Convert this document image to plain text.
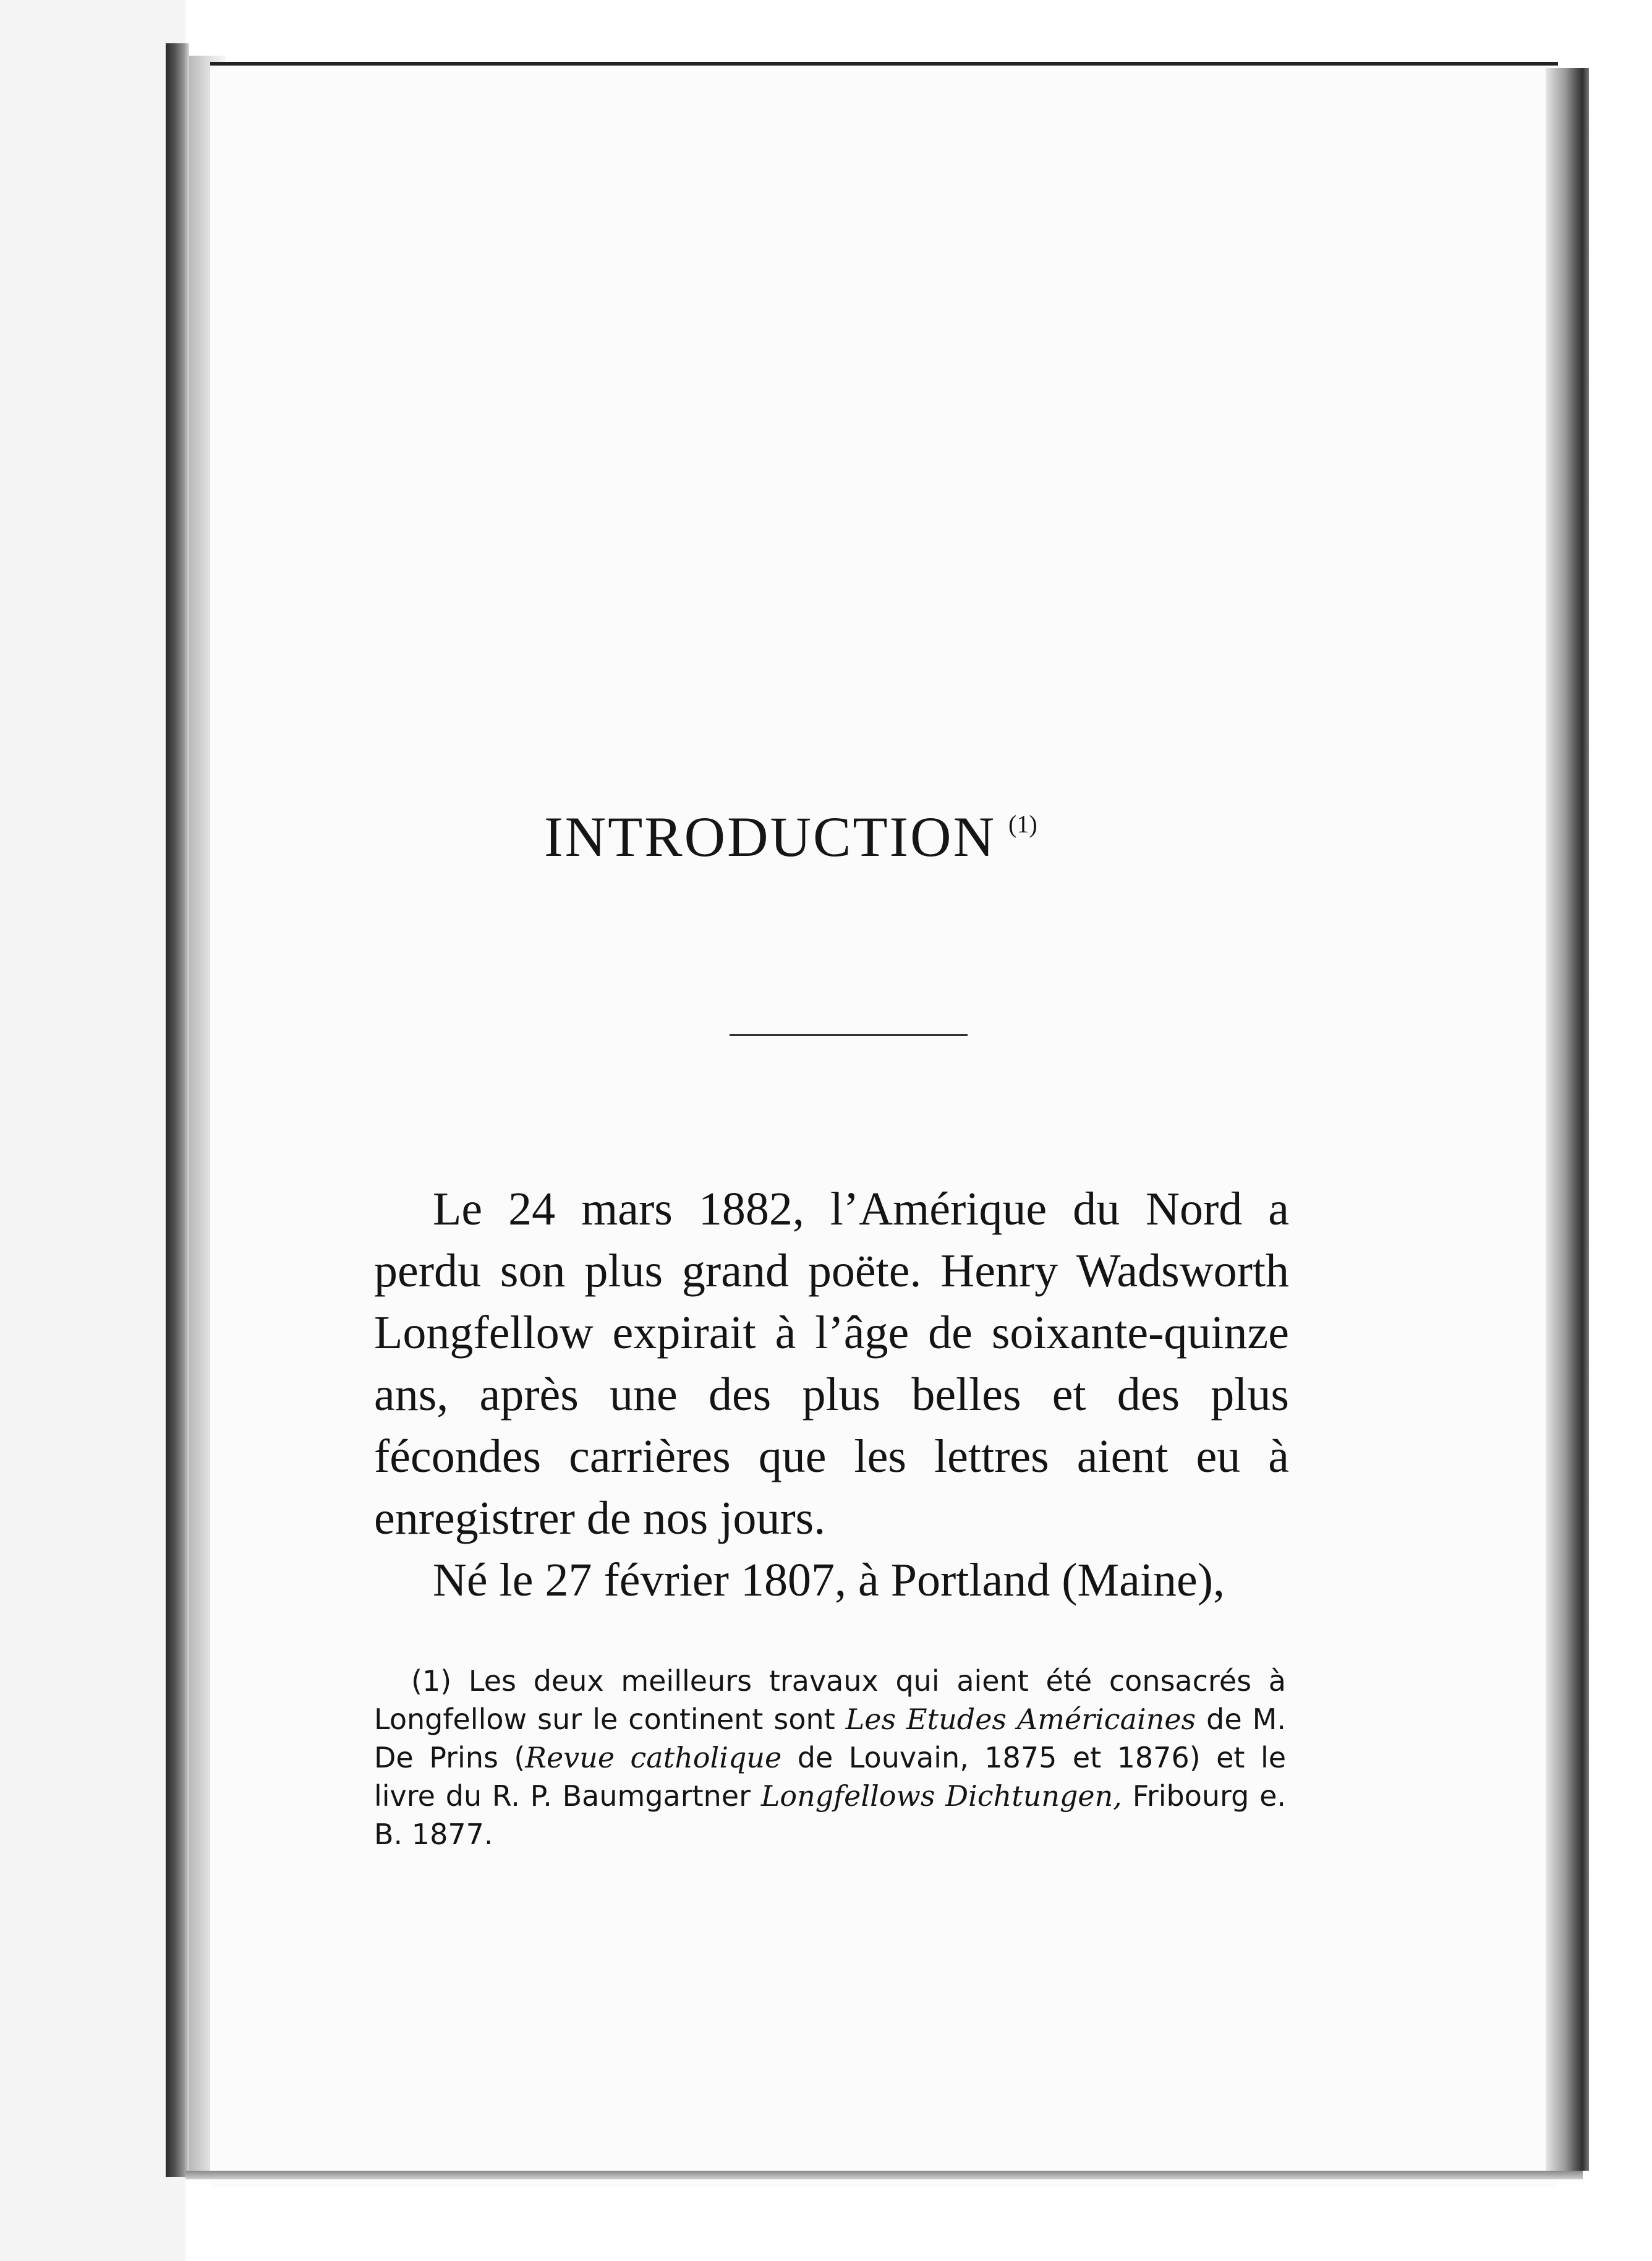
INTRODUCTION $^{(1)}$

Le 24 mars 1882, l’Amérique du Nord a perdu son plus grand poëte. Henry Wadsworth Longfellow expirait à l’âge de soixante-quinze ans, après une des plus belles et des plus fécondes carrières que les lettres aient eu à enregistrer de nos jours.

Né le 27 février 1807, à Portland (Maine),

(1) Les deux meilleurs travaux qui aient été consacrés à Longfellow sur le continent sont Les Etudes Américaines de M. De Prins (Revue catholique de Louvain, 1875 et 1876) et le livre du R. P. Baumgartner Longfellows Dichtungen, Fribourg e. B. 1877.
